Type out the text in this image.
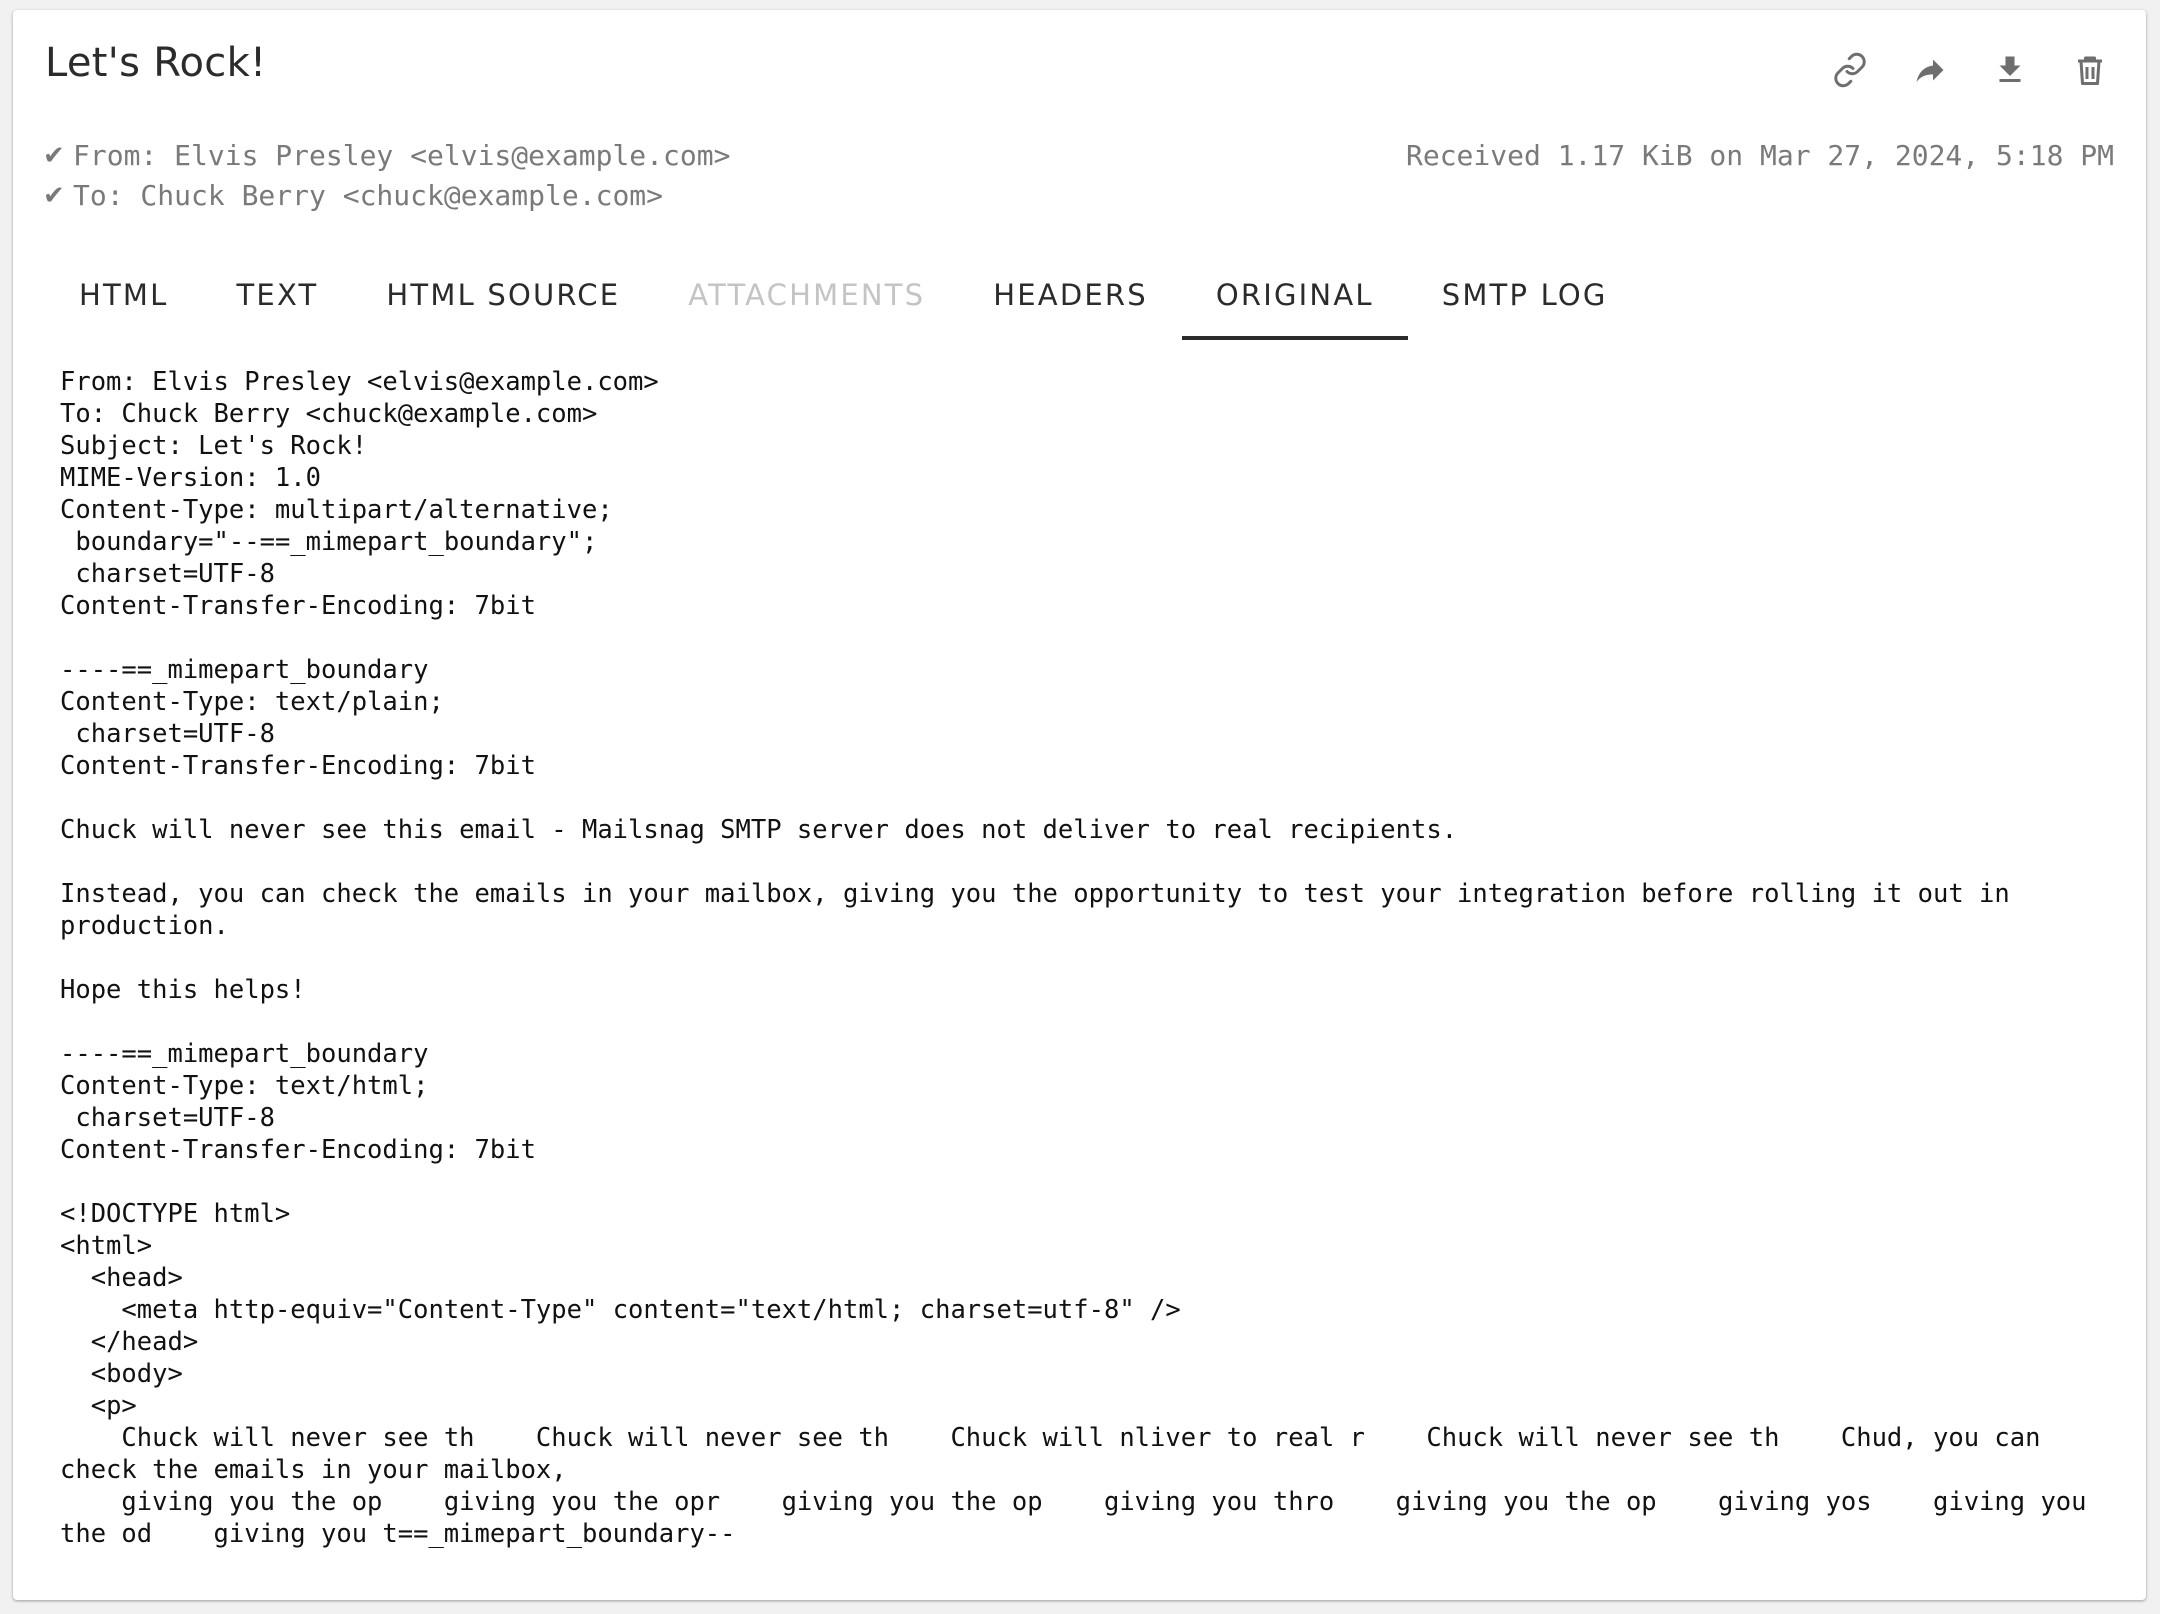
Let's Rock!
✔ From: Elvis Presley <elvis@example.com>
✔ To: Chuck Berry <chuck@example.com>
Received 1.17 KiB on Mar 27, 2024, 5:18 PM
HTML	TEXT	HTML SOURCE	ATTACHMENTS	HEADERS	ORIGINAL	SMTP LOG
From: Elvis Presley <elvis@example.com>
To: Chuck Berry <chuck@example.com>
Subject: Let's Rock!
MIME-Version: 1.0
Content-Type: multipart/alternative;
boundary="--==_mimepart_boundary";
charset=UTF-8
Content-Transfer-Encoding: 7bit

----==_mimepart_boundary
Content-Type: text/plain;
charset=UTF-8
Content-Transfer-Encoding: 7bit

Chuck will never see this email - Mailsnag SMTP server does not deliver to real recipients.

Instead, you can check the emails in your mailbox, giving you the opportunity to test your integration before rolling it out in production.

Hope this helps!

----==_mimepart_boundary
Content-Type: text/html;
charset=UTF-8
Content-Transfer-Encoding: 7bit

<!DOCTYPE html>
<html>
<head>
<meta http-equiv="Content-Type" content="text/html; charset=utf-8" />
</head>
<body>
<p>
Chuck will never see th    Chuck will never see th    Chuck will nliver to real r    Chuck will never see th    Chud, you can check the emails in your mailbox,
giving you the op    giving you the opr    giving you the op    giving you thro    giving you the op    giving yos    giving you the od    giving you t==_mimepart_boundary--
